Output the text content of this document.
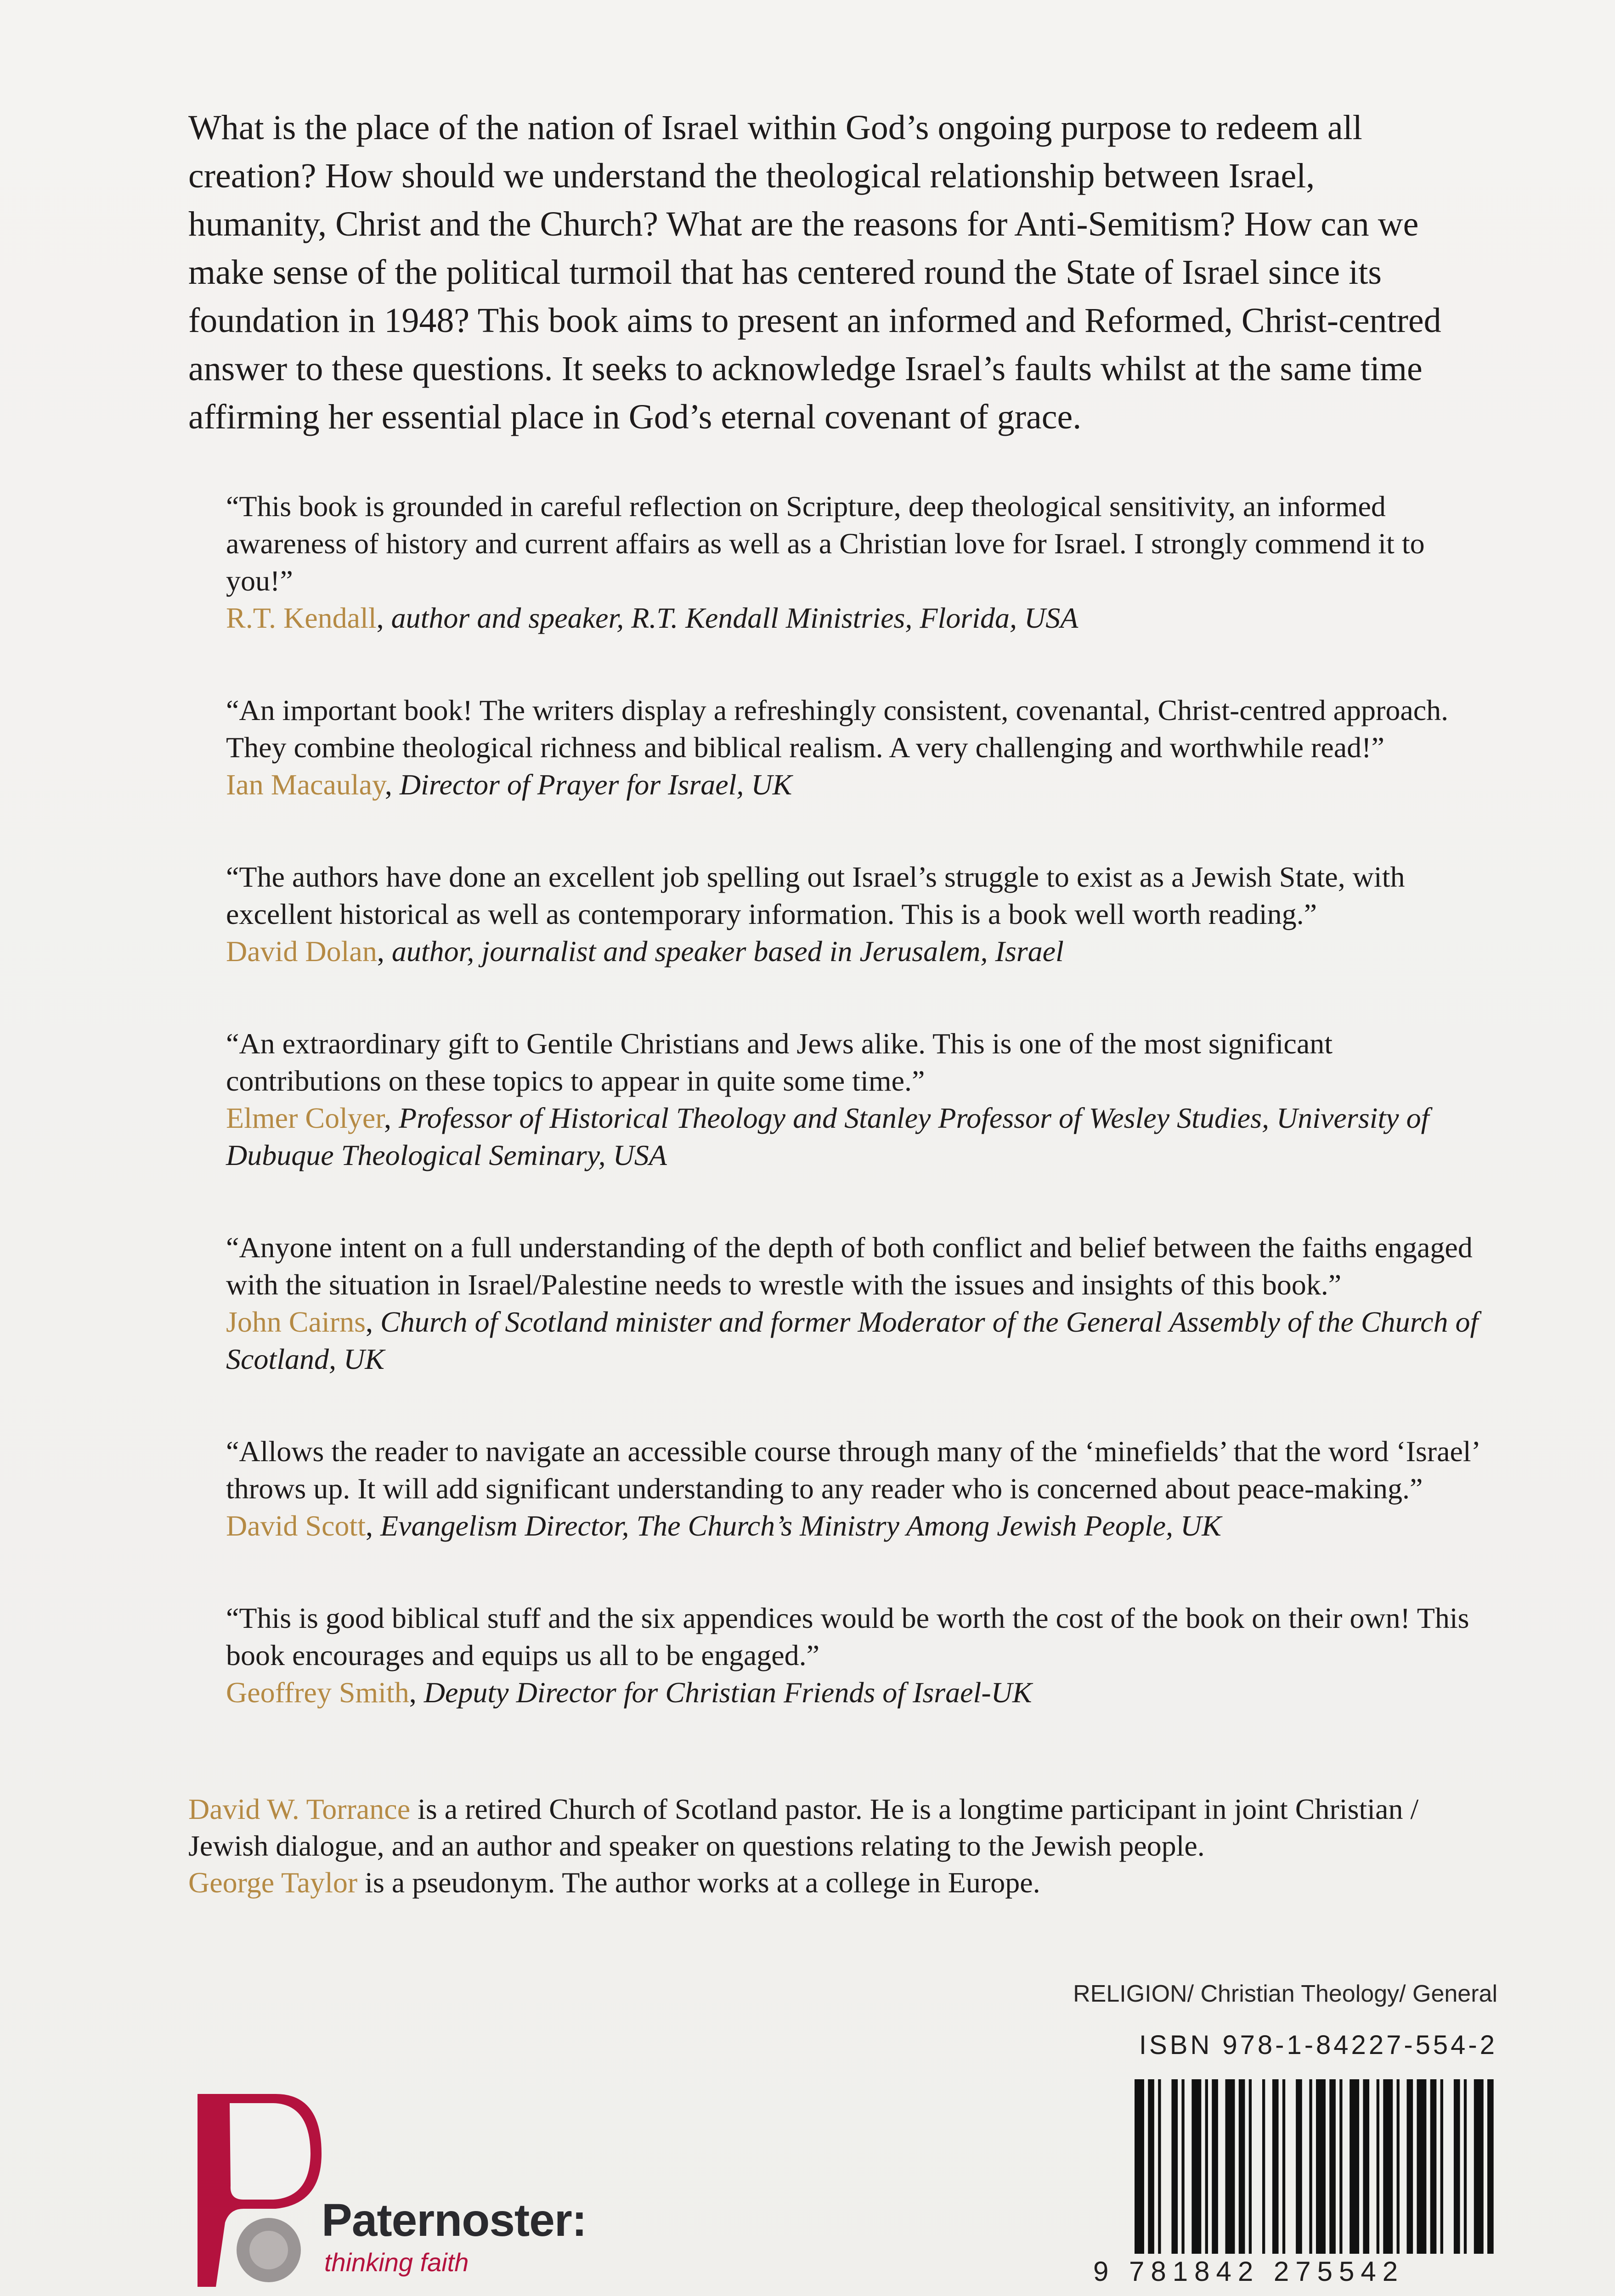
What is the place of the nation of Israel within God’s ongoing purpose to redeem all creation? How should we understand the theological relationship between Israel, humanity, Christ and the Church? What are the reasons for Anti-Semitism? How can we make sense of the political turmoil that has centered round the State of Israel since its foundation in 1948? This book aims to present an informed and Reformed, Christ-centred answer to these questions. It seeks to acknowledge Israel’s faults whilst at the same time affirming her essential place in God’s eternal covenant of grace.

“This book is grounded in careful reflection on Scripture, deep theological sensitivity, an informed awareness of history and current affairs as well as a Christian love for Israel. I strongly commend it to you!”
R.T. Kendall, author and speaker, R.T. Kendall Ministries, Florida, USA
“An important book! The writers display a refreshingly consistent, covenantal, Christ-centred approach. They combine theological richness and biblical realism. A very challenging and worthwhile read!”
Ian Macaulay, Director of Prayer for Israel, UK
“The authors have done an excellent job spelling out Israel’s struggle to exist as a Jewish State, with excellent historical as well as contemporary information. This is a book well worth reading.”
David Dolan, author, journalist and speaker based in Jerusalem, Israel
“An extraordinary gift to Gentile Christians and Jews alike. This is one of the most significant contributions on these topics to appear in quite some time.”
Elmer Colyer, Professor of Historical Theology and Stanley Professor of Wesley Studies, University of Dubuque Theological Seminary, USA
“Anyone intent on a full understanding of the depth of both conflict and belief between the faiths engaged with the situation in Israel/Palestine needs to wrestle with the issues and insights of this book.”
John Cairns, Church of Scotland minister and former Moderator of the General Assembly of the Church of Scotland, UK
“Allows the reader to navigate an accessible course through many of the ‘minefields’ that the word ‘Israel’ throws up. It will add significant understanding to any reader who is concerned about peace-making.”
David Scott, Evangelism Director, The Church’s Ministry Among Jewish People, UK
“This is good biblical stuff and the six appendices would be worth the cost of the book on their own! This book encourages and equips us all to be engaged.”
Geoffrey Smith, Deputy Director for Christian Friends of Israel-UK

David W. Torrance is a retired Church of Scotland pastor. He is a longtime participant in joint Christian / Jewish dialogue, and an author and speaker on questions relating to the Jewish people.

George Taylor is a pseudonym. The author works at a college in Europe.

Paternoster:
thinking faith
RELIGION/ Christian Theology/ General
ISBN 978-1-84227-554-2
9 781842 275542
